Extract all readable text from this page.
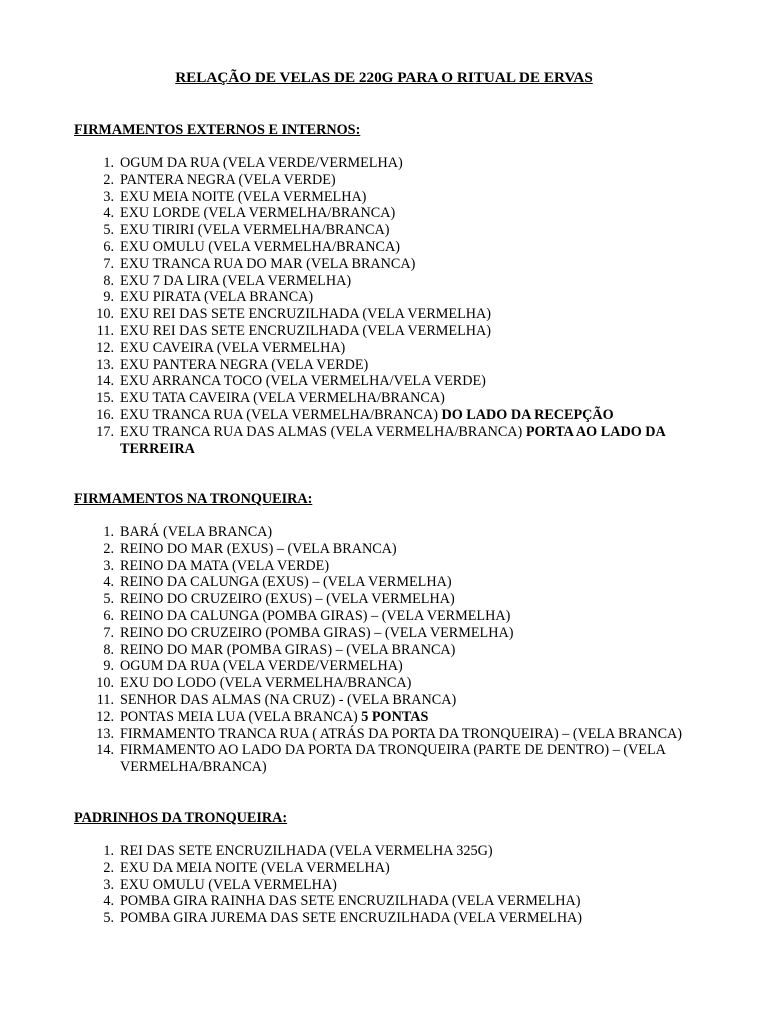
RELAÇÃO DE VELAS DE 220G PARA O RITUAL DE ERVAS
FIRMAMENTOS EXTERNOS E INTERNOS:
1. OGUM DA RUA (VELA VERDE/VERMELHA)
2. PANTERA NEGRA (VELA VERDE)
3. EXU MEIA NOITE (VELA VERMELHA)
4. EXU LORDE (VELA VERMELHA/BRANCA)
5. EXU TIRIRI (VELA VERMELHA/BRANCA)
6. EXU OMULU (VELA VERMELHA/BRANCA)
7. EXU TRANCA RUA DO MAR (VELA BRANCA)
8. EXU 7 DA LIRA (VELA VERMELHA)
9. EXU PIRATA (VELA BRANCA)
10. EXU REI DAS SETE ENCRUZILHADA (VELA VERMELHA)
11. EXU REI DAS SETE ENCRUZILHADA (VELA VERMELHA)
12. EXU CAVEIRA (VELA VERMELHA)
13. EXU PANTERA NEGRA (VELA VERDE)
14. EXU ARRANCA TOCO (VELA VERMELHA/VELA VERDE)
15. EXU TATA CAVEIRA (VELA VERMELHA/BRANCA)
16. EXU TRANCA RUA (VELA VERMELHA/BRANCA) DO LADO DA RECEPÇÃO
17. EXU TRANCA RUA DAS ALMAS (VELA VERMELHA/BRANCA) PORTA AO LADO DA TERREIRA
FIRMAMENTOS NA TRONQUEIRA:
1. BARÁ (VELA BRANCA)
2. REINO DO MAR (EXUS) – (VELA BRANCA)
3. REINO DA MATA (VELA VERDE)
4. REINO DA CALUNGA (EXUS) – (VELA VERMELHA)
5. REINO DO CRUZEIRO (EXUS) – (VELA VERMELHA)
6. REINO DA CALUNGA (POMBA GIRAS) – (VELA VERMELHA)
7. REINO DO CRUZEIRO (POMBA GIRAS) – (VELA VERMELHA)
8. REINO DO MAR (POMBA GIRAS) – (VELA BRANCA)
9. OGUM DA RUA (VELA VERDE/VERMELHA)
10. EXU DO LODO (VELA VERMELHA/BRANCA)
11. SENHOR DAS ALMAS (NA CRUZ) - (VELA BRANCA)
12. PONTAS MEIA LUA (VELA BRANCA) 5 PONTAS
13. FIRMAMENTO TRANCA RUA ( ATRÁS DA PORTA DA TRONQUEIRA) – (VELA BRANCA)
14. FIRMAMENTO AO LADO DA PORTA DA TRONQUEIRA (PARTE DE DENTRO) – (VELA VERMELHA/BRANCA)
PADRINHOS DA TRONQUEIRA:
1. REI DAS SETE ENCRUZILHADA (VELA VERMELHA 325G)
2. EXU DA MEIA NOITE (VELA VERMELHA)
3. EXU OMULU (VELA VERMELHA)
4. POMBA GIRA RAINHA DAS SETE ENCRUZILHADA (VELA VERMELHA)
5. POMBA GIRA JUREMA DAS SETE ENCRUZILHADA (VELA VERMELHA)
